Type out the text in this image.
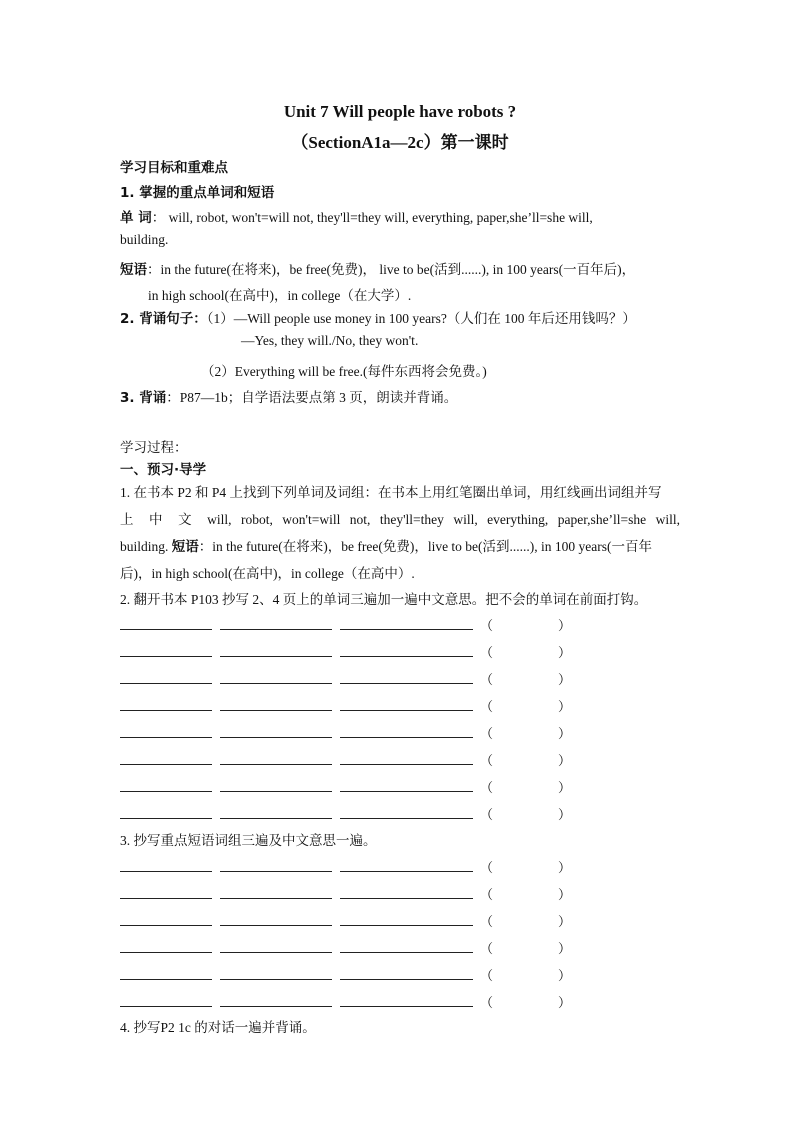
Unit 7 Will people have robots ?
（SectionA1a—2c）第一课时
学习目标和重难点
1. 掌握的重点单词和短语
单 词： will, robot, won't=will not, they'll=they will, everything, paper,she’ll=she will,
building.
短语：in the future(在将来)，be free(免费)， live to be(活到......), in 100 years(一百年后)，
in high school(在高中)，in college（在大学）.
2. 背诵句子：（1）—Will people use money in 100 years?（人们在 100 年后还用钱吗？）
—Yes, they will./No, they won't.
（2）Everything will be free.(每件东西将会免费。)
3. 背诵：P87—1b；自学语法要点第 3 页，朗读并背诵。
学习过程：
一、预习·导学
1. 在书本 P2 和 P4 上找到下列单词及词组：在书本上用红笔圈出单词，用红线画出词组并写
上 中 文 will, robot, won't=will not, they'll=they will, everything, paper,she’ll=she will,
building. 短语：in the future(在将来)，be free(免费)，live to be(活到......), in 100 years(一百年
后)，in high school(在高中)，in college（在高中）.
2. 翻开书本 P103 抄写 2、4 页上的单词三遍加一遍中文意思。把不会的单词在前面打钩。
（	）
（	）
（	）
（	）
（	）
（	）
（	）
（	）
3. 抄写重点短语词组三遍及中文意思一遍。
（	）
（	）
（	）
（	）
（	）
（	）
4. 抄写P2 1c 的对话一遍并背诵。
